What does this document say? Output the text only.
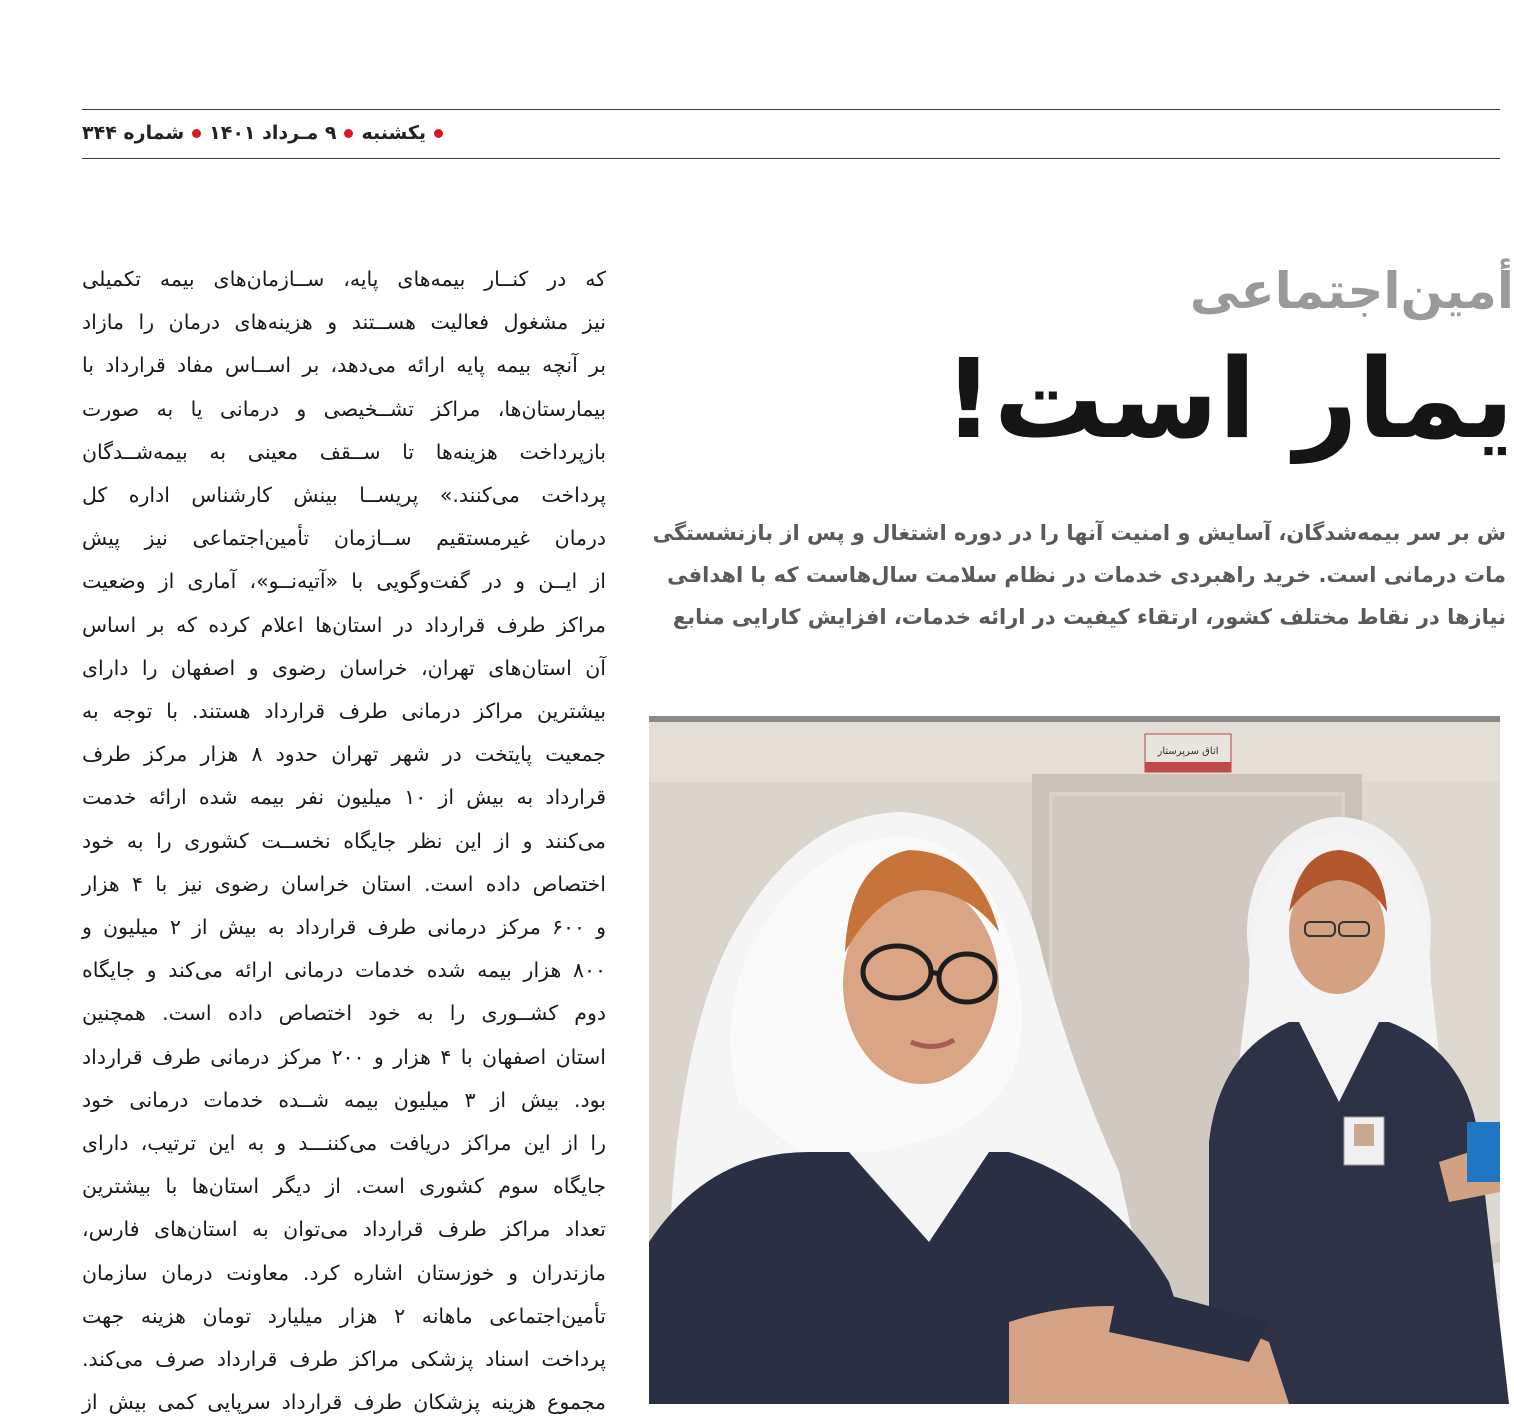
یکشنبه
۹ مـرداد ۱۴۰۱
شماره ۳۴۴

که در کنــار بیمه‌های پایه، ســازمان‌های بیمه تکمیلی

نیز مشغول فعالیت هســتند و هزینه‌های درمان را مازاد

بر آنچه بیمه پایه ارائه می‌دهد، بر اســاس مفاد قرارداد با

بیمارستان‌ها، مراکز تشــخیصی و درمانی یا به صورت

بازپرداخت هزینه‌ها تا ســقف معینی به بیمه‌شــدگان

پرداخت می‌کنند.» پریســا بینش کارشناس اداره کل

درمان غیرمستقیم ســازمان تأمین‌اجتماعی نیز پیش

از ایــن و در گفت‌وگویی با «آتیه‌نــو»، آماری از وضعیت

مراکز طرف قرارداد در استان‌ها اعلام کرده که بر اساس

آن استان‌های تهران، خراسان رضوی و اصفهان را دارای

بیشترین مراکز درمانی طرف قرارداد هستند. با توجه به

جمعیت پایتخت در شهر تهران حدود ۸ هزار مرکز طرف

قرارداد به بیش از ۱۰ میلیون نفر بیمه شده ارائه خدمت

می‌کنند و از این نظر جایگاه نخســت کشوری را به خود

اختصاص داده است. استان خراسان رضوی نیز با ۴ هزار

و ۶۰۰ مرکز درمانی طرف قرارداد به بیش از ۲ میلیون و

۸۰۰ هزار بیمه شده خدمات درمانی ارائه می‌کند و جایگاه

دوم کشــوری را به خود اختصاص داده است. همچنین

استان اصفهان با ۴ هزار و ۲۰۰ مرکز درمانی طرف قرارداد

بود. بیش از ۳ میلیون بیمه شــده خدمات درمانی خود

را از این مراکز دریافت می‌کننـــد و به این ترتیب، دارای

جایگاه سوم کشوری است. از دیگر استان‌ها با بیشترین

تعداد مراکز طرف قرارداد می‌توان به استان‌های فارس،

مازندران و خوزستان اشاره کرد. معاونت درمان سازمان

تأمین‌اجتماعی ماهانه ۲ هزار میلیارد تومان هزینه جهت

پرداخت اسناد پزشکی مراکز طرف قرارداد صرف می‌کند.

مجموع هزینه پزشکان طرف قرارداد سرپایی کمی بیش از

أمین‌اجتماعی
یمار است!
ش بر سر بیمه‌شدگان، آسایش و امنیت آنها را در دوره اشتغال و پس از بازنشستگی
مات درمانی است. خرید راهبردی خدمات در نظام سلامت سال‌هاست که با اهدافی
نیازها در نقاط مختلف کشور، ارتقاء کیفیت در ارائه خدمات، افزایش کارایی منابع
اتاق سرپرستار
